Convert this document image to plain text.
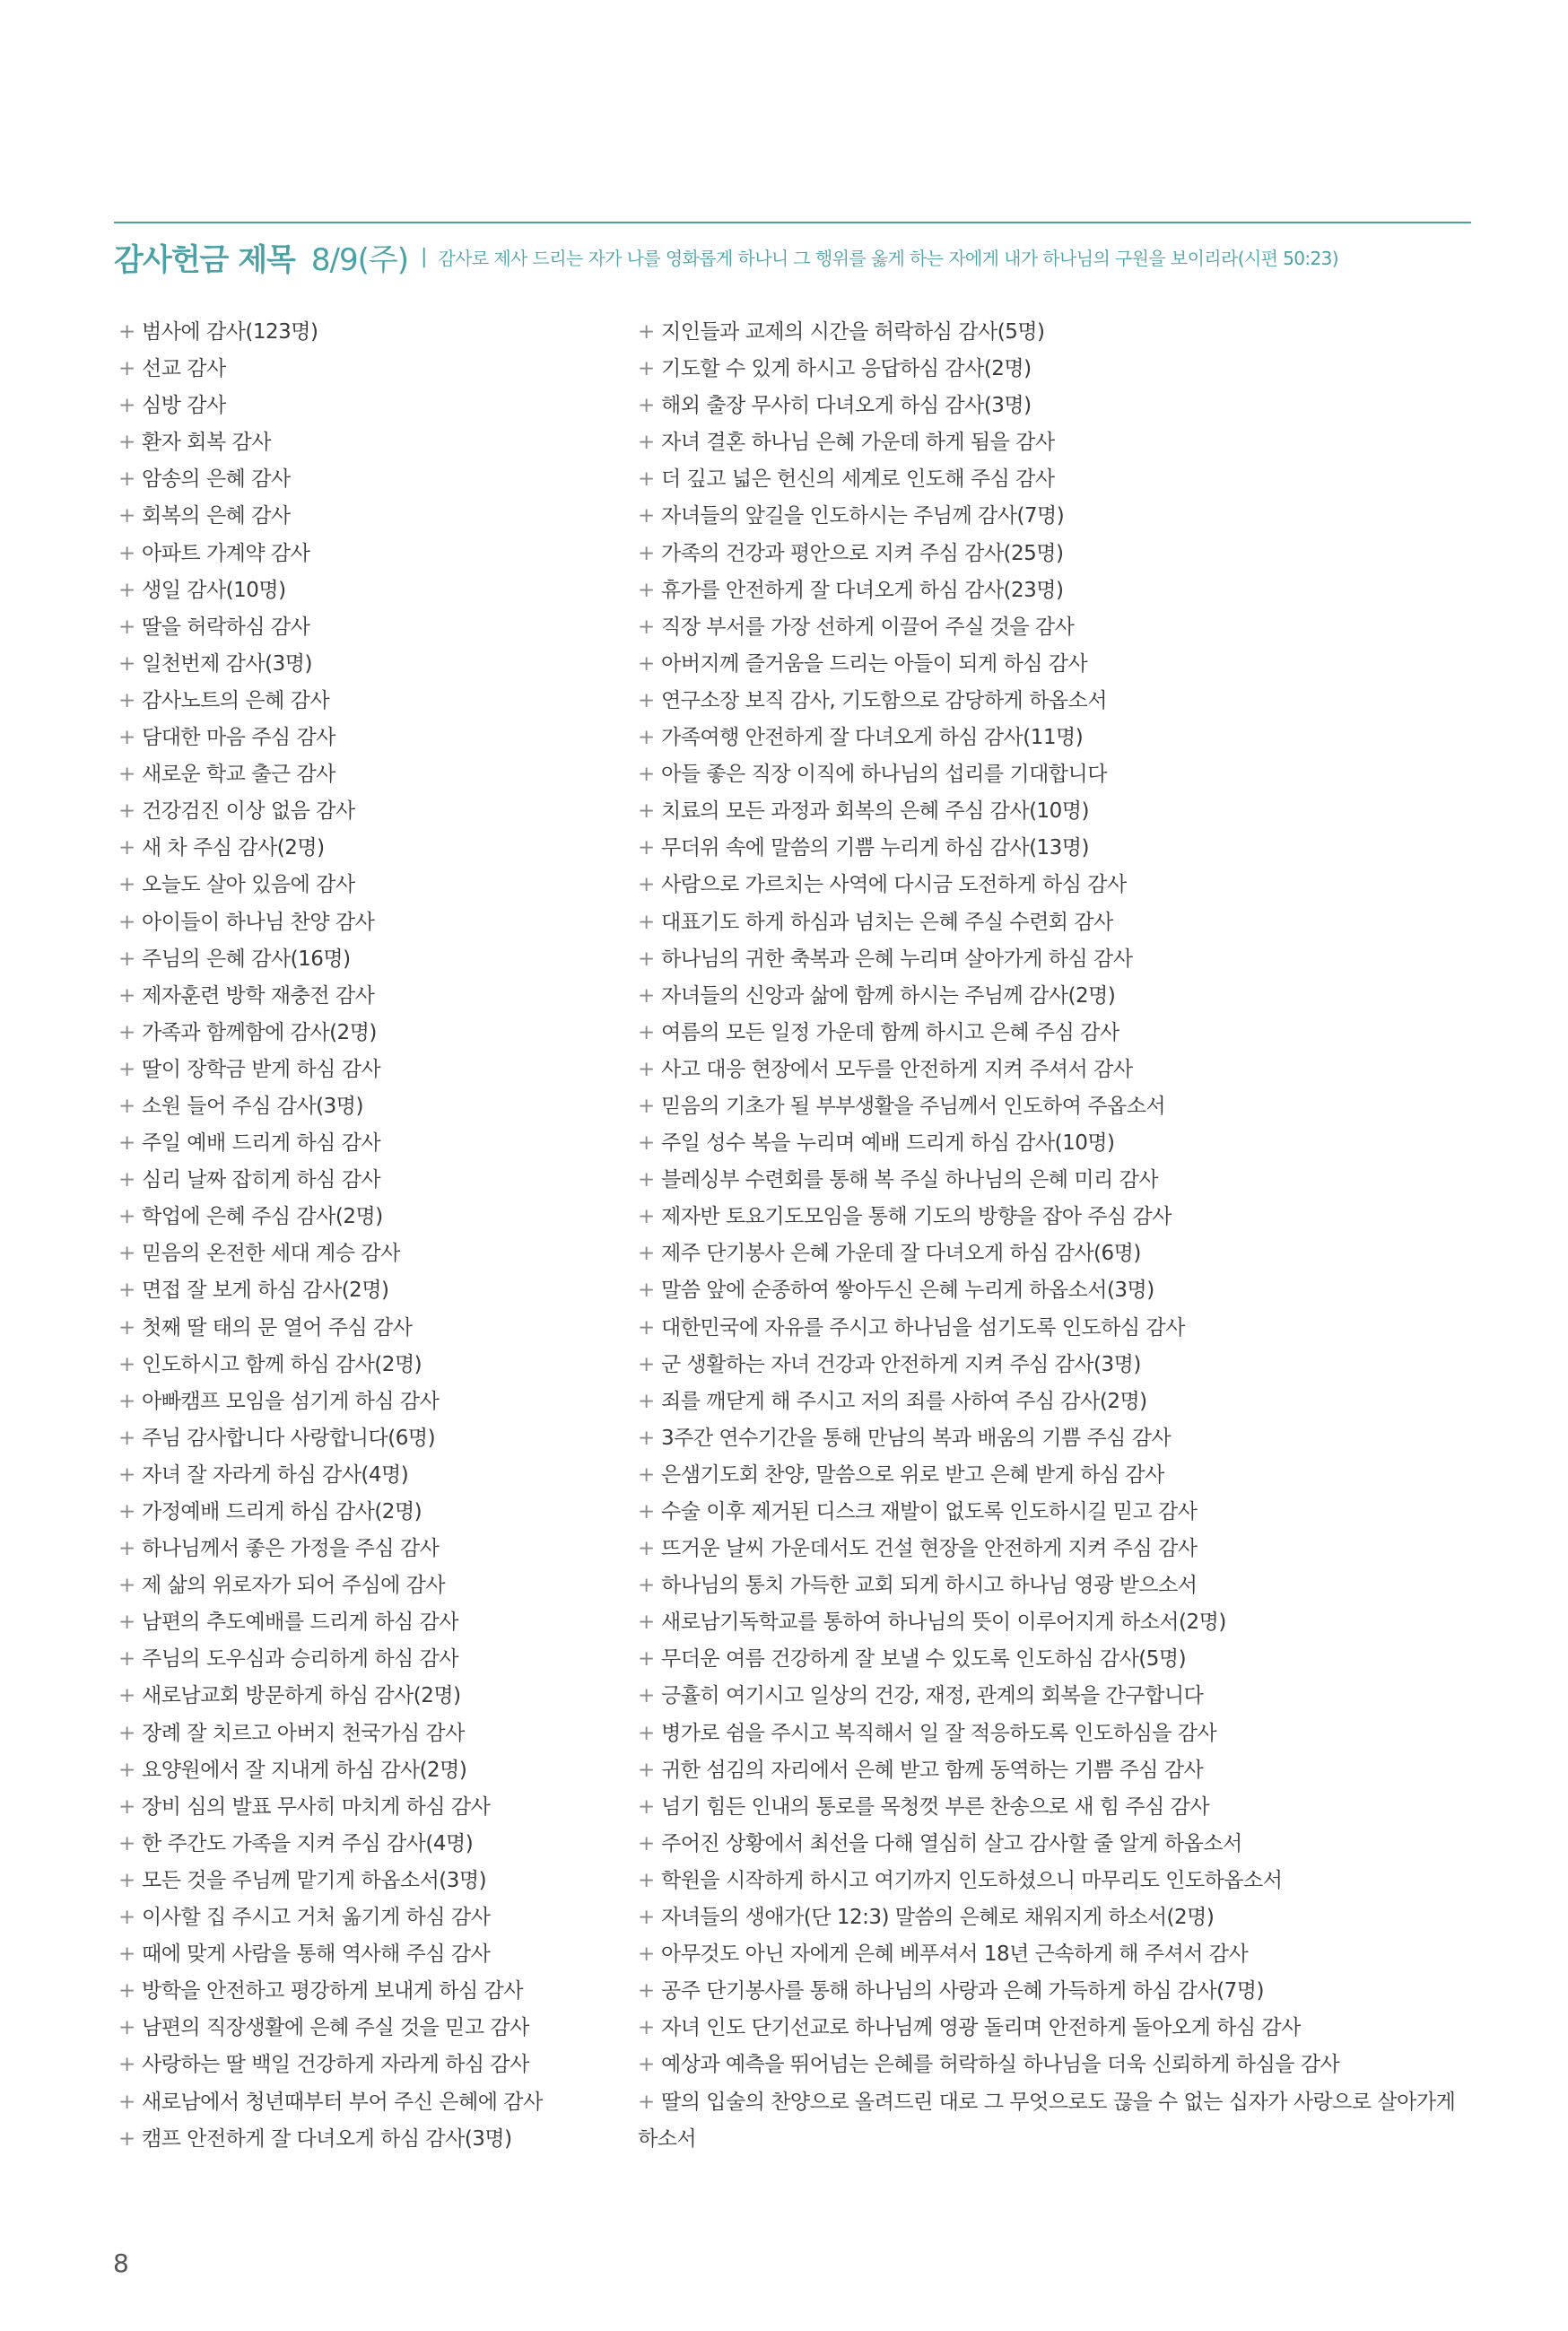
감사헌금 제목 8/9(주) | 감사로 제사 드리는 자가 나를 영화롭게 하나니 그 행위를 옳게 하는 자에게 내가 하나님의 구원을 보이리라(시편 50:23)
+ 범사에 감사(123명)
+ 선교 감사
+ 심방 감사
+ 환자 회복 감사
+ 암송의 은혜 감사
+ 회복의 은혜 감사
+ 아파트 가계약 감사
+ 생일 감사(10명)
+ 딸을 허락하심 감사
+ 일천번제 감사(3명)
+ 감사노트의 은혜 감사
+ 담대한 마음 주심 감사
+ 새로운 학교 출근 감사
+ 건강검진 이상 없음 감사
+ 새 차 주심 감사(2명)
+ 오늘도 살아 있음에 감사
+ 아이들이 하나님 찬양 감사
+ 주님의 은혜 감사(16명)
+ 제자훈련 방학 재충전 감사
+ 가족과 함께함에 감사(2명)
+ 딸이 장학금 받게 하심 감사
+ 소원 들어 주심 감사(3명)
+ 주일 예배 드리게 하심 감사
+ 심리 날짜 잡히게 하심 감사
+ 학업에 은혜 주심 감사(2명)
+ 믿음의 온전한 세대 계승 감사
+ 면접 잘 보게 하심 감사(2명)
+ 첫째 딸 태의 문 열어 주심 감사
+ 인도하시고 함께 하심 감사(2명)
+ 아빠캠프 모임을 섬기게 하심 감사
+ 주님 감사합니다 사랑합니다(6명)
+ 자녀 잘 자라게 하심 감사(4명)
+ 가정예배 드리게 하심 감사(2명)
+ 하나님께서 좋은 가정을 주심 감사
+ 제 삶의 위로자가 되어 주심에 감사
+ 남편의 추도예배를 드리게 하심 감사
+ 주님의 도우심과 승리하게 하심 감사
+ 새로남교회 방문하게 하심 감사(2명)
+ 장례 잘 치르고 아버지 천국가심 감사
+ 요양원에서 잘 지내게 하심 감사(2명)
+ 장비 심의 발표 무사히 마치게 하심 감사
+ 한 주간도 가족을 지켜 주심 감사(4명)
+ 모든 것을 주님께 맡기게 하옵소서(3명)
+ 이사할 집 주시고 거처 옮기게 하심 감사
+ 때에 맞게 사람을 통해 역사해 주심 감사
+ 방학을 안전하고 평강하게 보내게 하심 감사
+ 남편의 직장생활에 은혜 주실 것을 믿고 감사
+ 사랑하는 딸 백일 건강하게 자라게 하심 감사
+ 새로남에서 청년때부터 부어 주신 은혜에 감사
+ 캠프 안전하게 잘 다녀오게 하심 감사(3명)
+ 지인들과 교제의 시간을 허락하심 감사(5명)
+ 기도할 수 있게 하시고 응답하심 감사(2명)
+ 해외 출장 무사히 다녀오게 하심 감사(3명)
+ 자녀 결혼 하나님 은혜 가운데 하게 됨을 감사
+ 더 깊고 넓은 헌신의 세계로 인도해 주심 감사
+ 자녀들의 앞길을 인도하시는 주님께 감사(7명)
+ 가족의 건강과 평안으로 지켜 주심 감사(25명)
+ 휴가를 안전하게 잘 다녀오게 하심 감사(23명)
+ 직장 부서를 가장 선하게 이끌어 주실 것을 감사
+ 아버지께 즐거움을 드리는 아들이 되게 하심 감사
+ 연구소장 보직 감사, 기도함으로 감당하게 하옵소서
+ 가족여행 안전하게 잘 다녀오게 하심 감사(11명)
+ 아들 좋은 직장 이직에 하나님의 섭리를 기대합니다
+ 치료의 모든 과정과 회복의 은혜 주심 감사(10명)
+ 무더위 속에 말씀의 기쁨 누리게 하심 감사(13명)
+ 사람으로 가르치는 사역에 다시금 도전하게 하심 감사
+ 대표기도 하게 하심과 넘치는 은혜 주실 수련회 감사
+ 하나님의 귀한 축복과 은혜 누리며 살아가게 하심 감사
+ 자녀들의 신앙과 삶에 함께 하시는 주님께 감사(2명)
+ 여름의 모든 일정 가운데 함께 하시고 은혜 주심 감사
+ 사고 대응 현장에서 모두를 안전하게 지켜 주셔서 감사
+ 믿음의 기초가 될 부부생활을 주님께서 인도하여 주옵소서
+ 주일 성수 복을 누리며 예배 드리게 하심 감사(10명)
+ 블레싱부 수련회를 통해 복 주실 하나님의 은혜 미리 감사
+ 제자반 토요기도모임을 통해 기도의 방향을 잡아 주심 감사
+ 제주 단기봉사 은혜 가운데 잘 다녀오게 하심 감사(6명)
+ 말씀 앞에 순종하여 쌓아두신 은혜 누리게 하옵소서(3명)
+ 대한민국에 자유를 주시고 하나님을 섬기도록 인도하심 감사
+ 군 생활하는 자녀 건강과 안전하게 지켜 주심 감사(3명)
+ 죄를 깨닫게 해 주시고 저의 죄를 사하여 주심 감사(2명)
+ 3주간 연수기간을 통해 만남의 복과 배움의 기쁨 주심 감사
+ 은샘기도회 찬양, 말씀으로 위로 받고 은혜 받게 하심 감사
+ 수술 이후 제거된 디스크 재발이 없도록 인도하시길 믿고 감사
+ 뜨거운 날씨 가운데서도 건설 현장을 안전하게 지켜 주심 감사
+ 하나님의 통치 가득한 교회 되게 하시고 하나님 영광 받으소서
+ 새로남기독학교를 통하여 하나님의 뜻이 이루어지게 하소서(2명)
+ 무더운 여름 건강하게 잘 보낼 수 있도록 인도하심 감사(5명)
+ 긍휼히 여기시고 일상의 건강, 재정, 관계의 회복을 간구합니다
+ 병가로 쉼을 주시고 복직해서 일 잘 적응하도록 인도하심을 감사
+ 귀한 섬김의 자리에서 은혜 받고 함께 동역하는 기쁨 주심 감사
+ 넘기 힘든 인내의 통로를 목청껏 부른 찬송으로 새 힘 주심 감사
+ 주어진 상황에서 최선을 다해 열심히 살고 감사할 줄 알게 하옵소서
+ 학원을 시작하게 하시고 여기까지 인도하셨으니 마무리도 인도하옵소서
+ 자녀들의 생애가(단 12:3) 말씀의 은혜로 채워지게 하소서(2명)
+ 아무것도 아닌 자에게 은혜 베푸셔서 18년 근속하게 해 주셔서 감사
+ 공주 단기봉사를 통해 하나님의 사랑과 은혜 가득하게 하심 감사(7명)
+ 자녀 인도 단기선교로 하나님께 영광 돌리며 안전하게 돌아오게 하심 감사
+ 예상과 예측을 뛰어넘는 은혜를 허락하실 하나님을 더욱 신뢰하게 하심을 감사
+ 딸의 입술의 찬양으로 올려드린 대로 그 무엇으로도 끊을 수 없는 십자가 사랑으로 살아가게 하소서
8
